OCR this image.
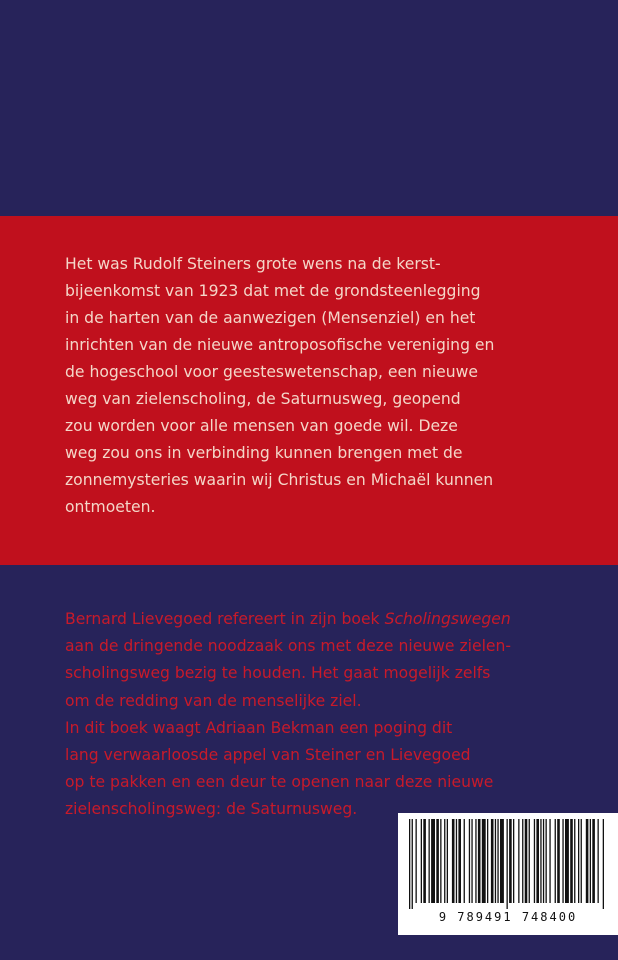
Het was Rudolf Steiners grote wens na de kerst-
bijeenkomst van 1923 dat met de grondsteenlegging
in de harten van de aanwezigen (Mensenziel) en het
inrichten van de nieuwe antroposofische vereniging en
de hogeschool voor geesteswetenschap, een nieuwe
weg van zielenscholing, de Saturnusweg, geopend
zou worden voor alle mensen van goede wil. Deze
weg zou ons in verbinding kunnen brengen met de
zonnemysteries waarin wij Christus en Michaël kunnen
ontmoeten.

Bernard Lievegoed refereert in zijn boek Scholingswegen
aan de dringende noodzaak ons met deze nieuwe zielen-
scholingsweg bezig te houden. Het gaat mogelijk zelfs
om de redding van de menselijke ziel.
In dit boek waagt Adriaan Bekman een poging dit
lang verwaarloosde appel van Steiner en Lievegoed
op te pakken en een deur te openen naar deze nieuwe
zielenscholingsweg: de Saturnusweg.

9 789491 748400
